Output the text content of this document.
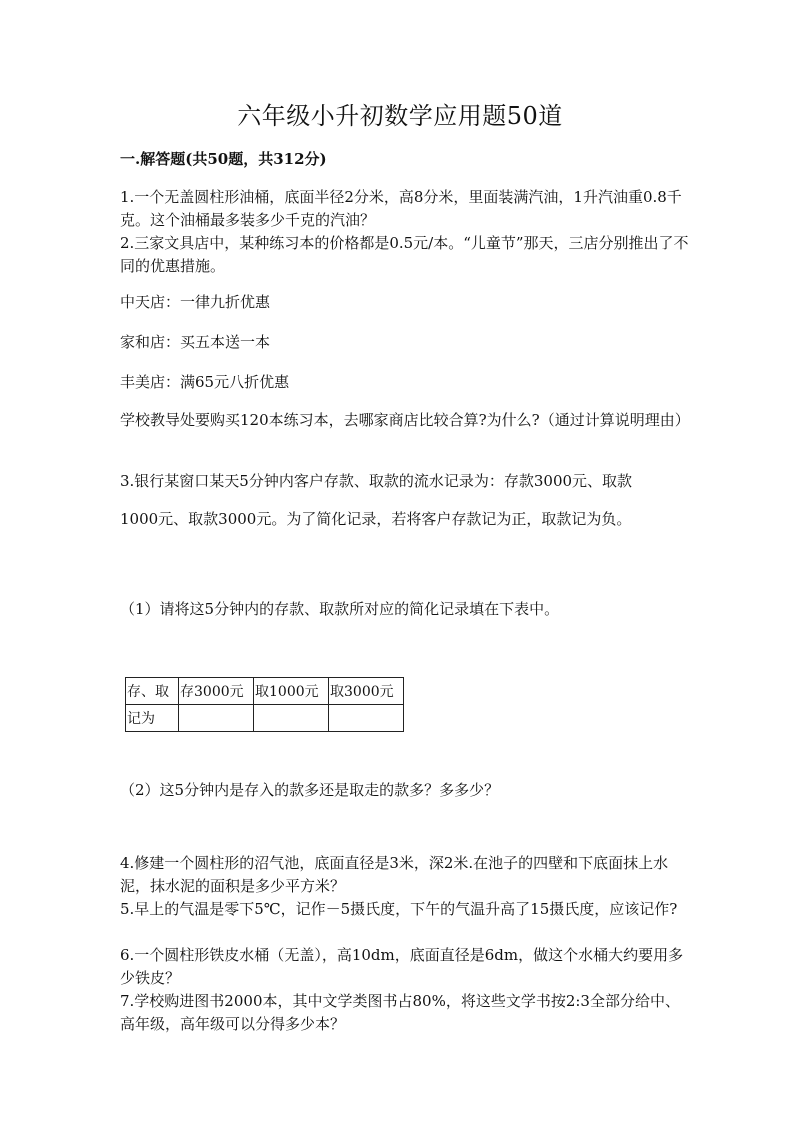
六年级小升初数学应用题50道
一.解答题(共50题，共312分)
1.一个无盖圆柱形油桶，底面半径2分米，高8分米，里面装满汽油，1升汽油重0.8千克。这个油桶最多装多少千克的汽油？
2.三家文具店中，某种练习本的价格都是0.5元/本。“儿童节”那天，三店分别推出了不同的优惠措施。
中天店：一律九折优惠
家和店：买五本送一本
丰美店：满65元八折优惠
学校教导处要购买120本练习本，去哪家商店比较合算?为什么?（通过计算说明理由）
3.银行某窗口某天5分钟内客户存款、取款的流水记录为：存款3000元、取款
1000元、取款3000元。为了简化记录，若将客户存款记为正，取款记为负。
（1）请将这5分钟内的存款、取款所对应的简化记录填在下表中。
存、取	存3000元	取1000元	取3000元
记为			
（2）这5分钟内是存入的款多还是取走的款多？多多少？
4.修建一个圆柱形的沼气池，底面直径是3米，深2米.在池子的四壁和下底面抹上水泥，抹水泥的面积是多少平方米？
5.早上的气温是零下5℃，记作－5摄氏度，下午的气温升高了15摄氏度，应该记作?
6.一个圆柱形铁皮水桶（无盖），高10dm，底面直径是6dm，做这个水桶大约要用多少铁皮？
7.学校购进图书2000本，其中文学类图书占80%，将这些文学书按2:3全部分给中、高年级，高年级可以分得多少本？
